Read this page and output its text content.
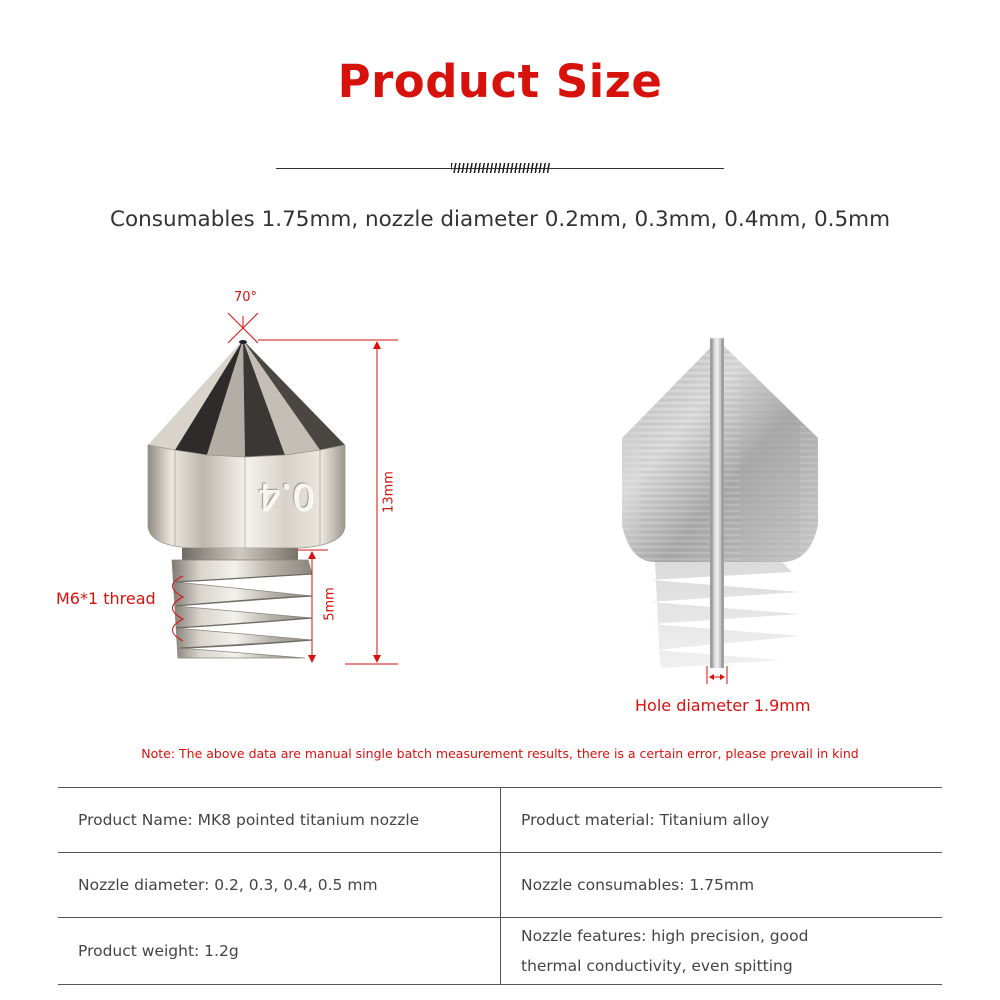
Product Size
Consumables 1.75mm, nozzle diameter 0.2mm, 0.3mm, 0.4mm, 0.5mm
0.4
70°
13mm
5mm
M6*1 thread
Hole diameter 1.9mm
Note: The above data are manual single batch measurement results, there is a certain error, please prevail in kind
Product Name: MK8 pointed titanium nozzle	Product material: Titanium alloy
Nozzle diameter: 0.2, 0.3, 0.4, 0.5 mm	Nozzle consumables: 1.75mm
Product weight: 1.2g	Nozzle features: high precision, good
thermal conductivity, even spitting
